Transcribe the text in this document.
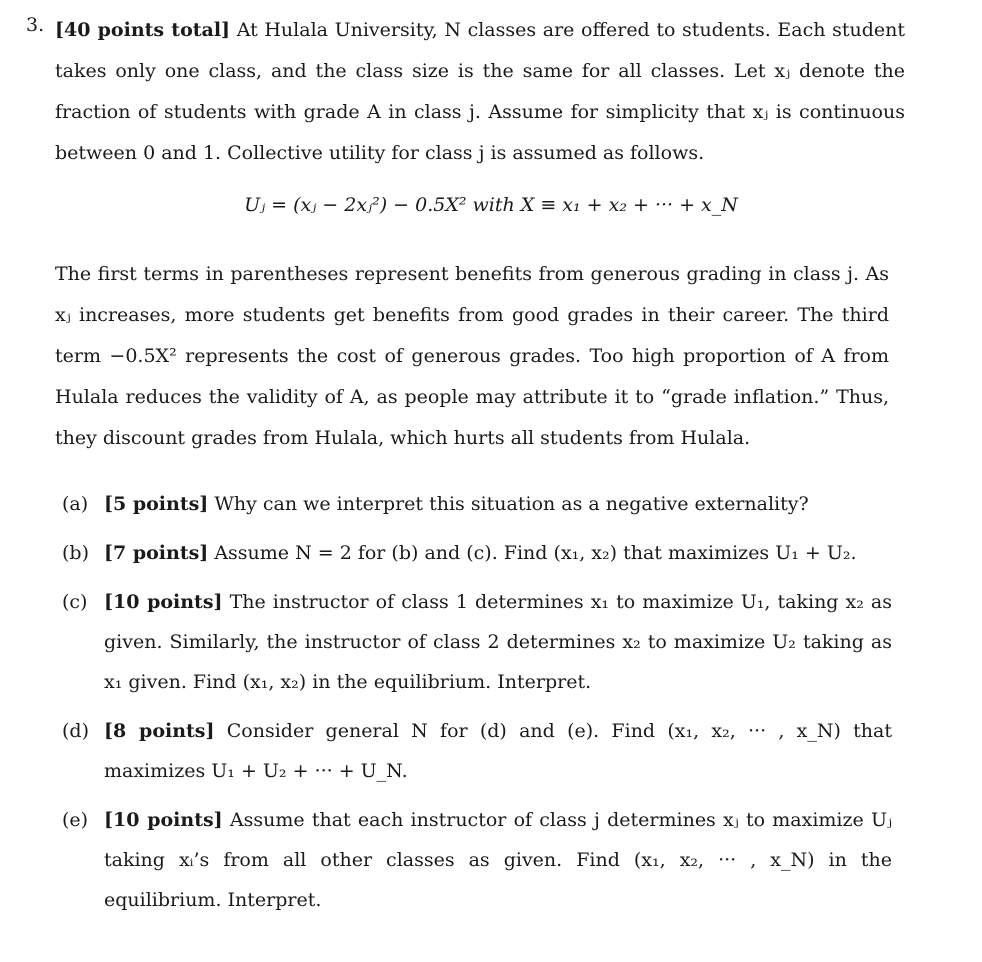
3. [40 points total] At Hulala University, N classes are offered to students. Each student takes only one class, and the class size is the same for all classes. Let xⱼ denote the fraction of students with grade A in class j. Assume for simplicity that xⱼ is continuous between 0 and 1. Collective utility for class j is assumed as follows.
Uⱼ = (xⱼ − 2xⱼ²) − 0.5X² with X ≡ x₁ + x₂ + ··· + x_N
The first terms in parentheses represent benefits from generous grading in class j. As xⱼ increases, more students get benefits from good grades in their career. The third term −0.5X² represents the cost of generous grades. Too high proportion of A from Hulala reduces the validity of A, as people may attribute it to “grade inflation.” Thus, they discount grades from Hulala, which hurts all students from Hulala.
(a) [5 points] Why can we interpret this situation as a negative externality?
(b) [7 points] Assume N = 2 for (b) and (c). Find (x₁, x₂) that maximizes U₁ + U₂.
(c) [10 points] The instructor of class 1 determines x₁ to maximize U₁, taking x₂ as given. Similarly, the instructor of class 2 determines x₂ to maximize U₂ taking as x₁ given. Find (x₁, x₂) in the equilibrium. Interpret.
(d) [8 points] Consider general N for (d) and (e). Find (x₁, x₂, ··· , x_N) that maximizes U₁ + U₂ + ··· + U_N.
(e) [10 points] Assume that each instructor of class j determines xⱼ to maximize Uⱼ taking xᵢ’s from all other classes as given. Find (x₁, x₂, ··· , x_N) in the equilibrium. Interpret.
